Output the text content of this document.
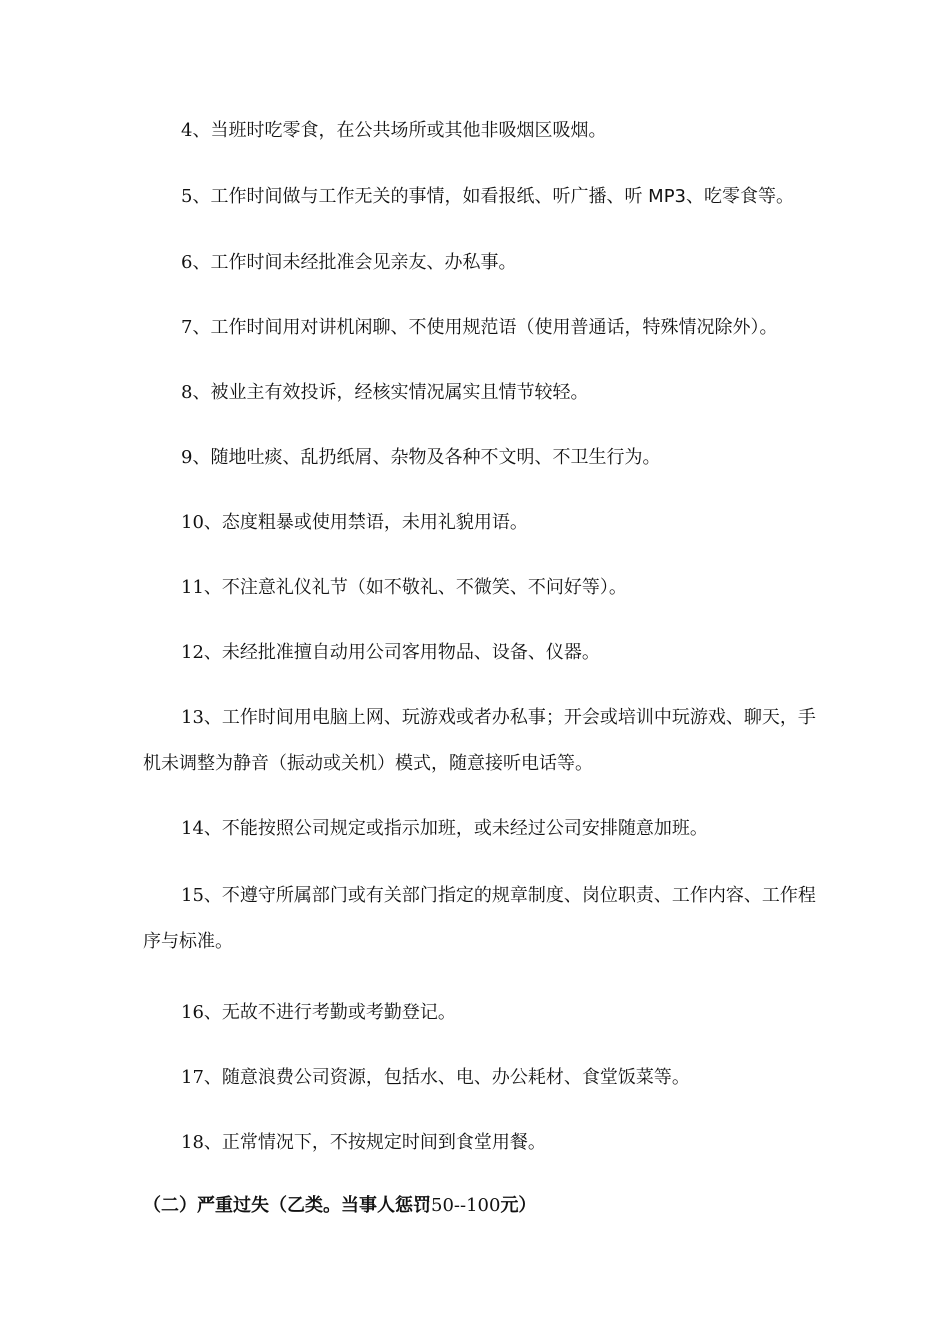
4、当班时吃零食，在公共场所或其他非吸烟区吸烟。

5、工作时间做与工作无关的事情，如看报纸、听广播、听 MP3、吃零食等。

6、工作时间未经批准会见亲友、办私事。

7、工作时间用对讲机闲聊、不使用规范语（使用普通话，特殊情况除外）。

8、被业主有效投诉，经核实情况属实且情节较轻。

9、随地吐痰、乱扔纸屑、杂物及各种不文明、不卫生行为。

10、态度粗暴或使用禁语，未用礼貌用语。

11、不注意礼仪礼节（如不敬礼、不微笑、不问好等）。

12、未经批准擅自动用公司客用物品、设备、仪器。

13、工作时间用电脑上网、玩游戏或者办私事；开会或培训中玩游戏、聊天，手机未调整为静音（振动或关机）模式，随意接听电话等。

14、不能按照公司规定或指示加班，或未经过公司安排随意加班。

15、不遵守所属部门或有关部门指定的规章制度、岗位职责、工作内容、工作程序与标准。

16、无故不进行考勤或考勤登记。

17、随意浪费公司资源，包括水、电、办公耗材、食堂饭菜等。

18、正常情况下，不按规定时间到食堂用餐。

（二）严重过失（乙类。当事人惩罚50--100元）
